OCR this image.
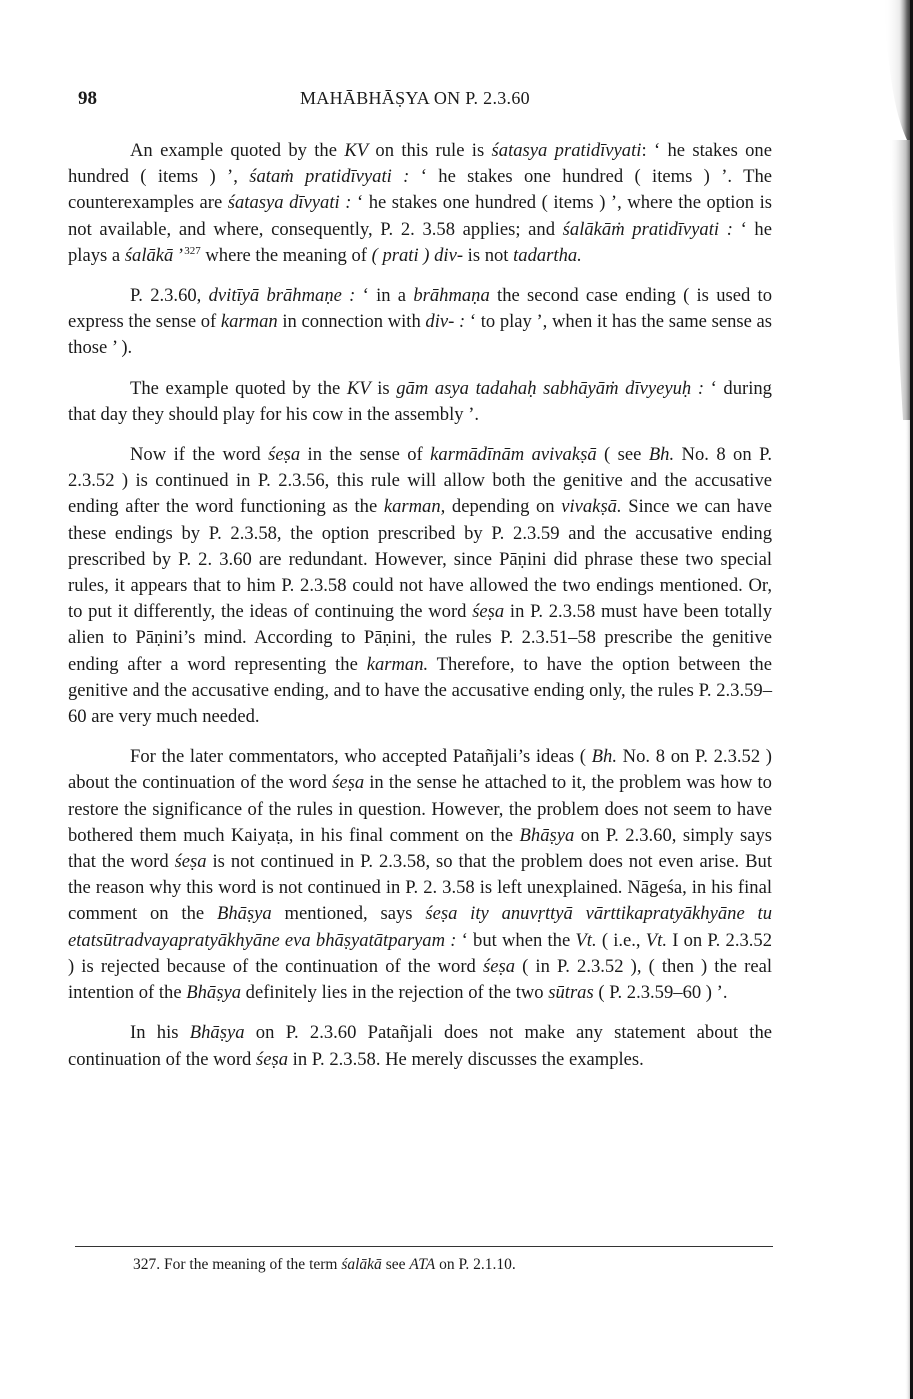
98	MAHĀBHĀṢYA ON P. 2.3.60

An example quoted by the KV on this rule is śatasya pratidīvyati: ‘ he stakes one hundred ( items ) ’, śataṁ pratidīvyati : ‘ he stakes one hundred ( items ) ’. The counterexamples are śatasya dīvyati : ‘ he stakes one hundred ( items ) ’, where the option is not available, and where, consequently, P. 2. 3.58 applies; and śalākāṁ pratidīvyati : ‘ he plays a śalākā ’$^{327}$ where the meaning of ( prati ) div- is not tadartha.

P. 2.3.60, dvitīyā brāhmaṇe : ‘ in a brāhmaṇa the second case ending ( is used to express the sense of karman in connection with div- : ‘ to play ’, when it has the same sense as those ’ ).

The example quoted by the KV is gām asya tadahaḥ sabhāyāṁ dīvyeyuḥ : ‘ during that day they should play for his cow in the assembly ’.

Now if the word śeṣa in the sense of karmādīnām avivakṣā ( see Bh. No. 8 on P. 2.3.52 ) is continued in P. 2.3.56, this rule will allow both the genitive and the accusative ending after the word functioning as the karman, depending on vivakṣā. Since we can have these endings by P. 2.3.58, the option prescribed by P. 2.3.59 and the accusative ending prescribed by P. 2. 3.60 are redundant. However, since Pāṇini did phrase these two special rules, it appears that to him P. 2.3.58 could not have allowed the two endings mentioned. Or, to put it differently, the ideas of continuing the word śeṣa in P. 2.3.58 must have been totally alien to Pāṇini’s mind. According to Pāṇini, the rules P. 2.3.51–58 prescribe the genitive ending after a word representing the karman. Therefore, to have the option between the genitive and the accusative ending, and to have the accusative ending only, the rules P. 2.3.59–60 are very much needed.

For the later commentators, who accepted Patañjali’s ideas ( Bh. No. 8 on P. 2.3.52 ) about the continuation of the word śeṣa in the sense he attached to it, the problem was how to restore the significance of the rules in question. However, the problem does not seem to have bothered them much Kaiyaṭa, in his final comment on the Bhāṣya on P. 2.3.60, simply says that the word śeṣa is not continued in P. 2.3.58, so that the problem does not even arise. But the reason why this word is not continued in P. 2. 3.58 is left unexplained. Nāgeśa, in his final comment on the Bhāṣya mentioned, says śeṣa ity anuvṛttyā vārttikapratyākhyāne tu etatsūtradvayapratyākhyāne eva bhāṣyatātparyam : ‘ but when the Vt. ( i.e., Vt. I on P. 2.3.52 ) is rejected because of the continuation of the word śeṣa ( in P. 2.3.52 ), ( then ) the real intention of the Bhāṣya definitely lies in the rejection of the two sūtras ( P. 2.3.59–60 ) ’.

In his Bhāṣya on P. 2.3.60 Patañjali does not make any statement about the continuation of the word śeṣa in P. 2.3.58. He merely discusses the examples.

327. For the meaning of the term śalākā see ATA on P. 2.1.10.
